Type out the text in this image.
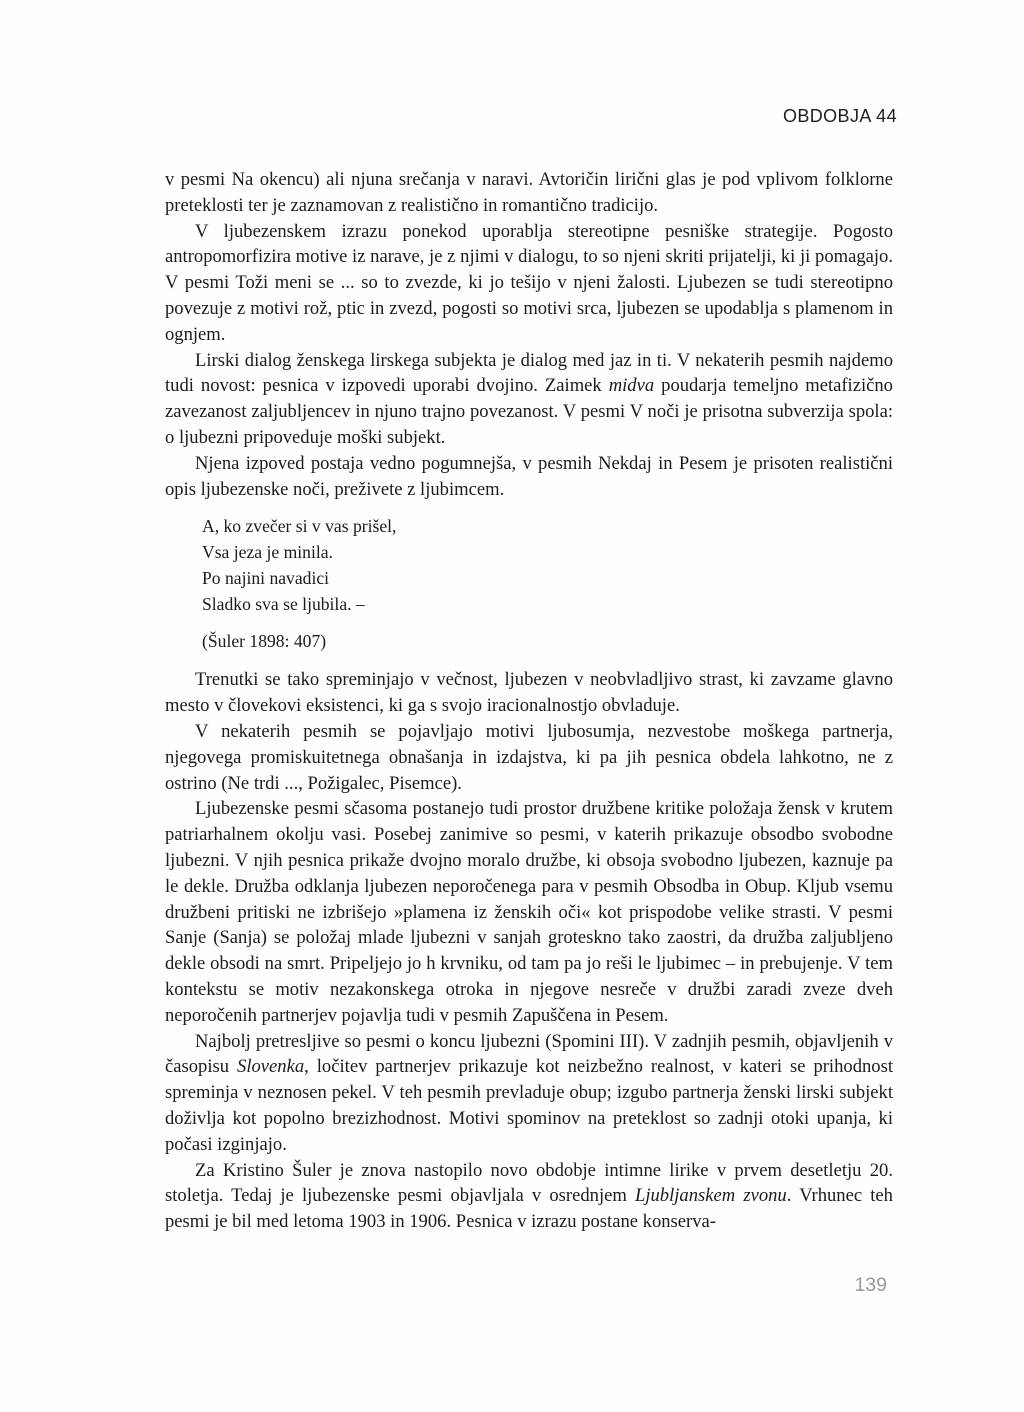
OBDOBJA 44

v pesmi Na okencu) ali njuna srečanja v naravi. Avtoričin lirični glas je pod vplivom folklorne preteklosti ter je zaznamovan z realistično in romantično tradicijo.

V ljubezenskem izrazu ponekod uporablja stereotipne pesniške strategije. Pogosto antropomorfizira motive iz narave, je z njimi v dialogu, to so njeni skriti prijatelji, ki ji pomagajo. V pesmi Toži meni se ... so to zvezde, ki jo tešijo v njeni žalosti. Ljubezen se tudi stereotipno povezuje z motivi rož, ptic in zvezd, pogosti so motivi srca, ljubezen se upodablja s plamenom in ognjem.

Lirski dialog ženskega lirskega subjekta je dialog med jaz in ti. V nekaterih pesmih najdemo tudi novost: pesnica v izpovedi uporabi dvojino. Zaimek midva poudarja temeljno metafizično zavezanost zaljubljencev in njuno trajno povezanost. V pesmi V noči je prisotna subverzija spola: o ljubezni pripoveduje moški subjekt.

Njena izpoved postaja vedno pogumnejša, v pesmih Nekdaj in Pesem je prisoten realistični opis ljubezenske noči, preživete z ljubimcem.

A, ko zvečer si v vas prišel,
Vsa jeza je minila.
Po najini navadici
Sladko sva se ljubila. –
(Šuler 1898: 407)

Trenutki se tako spreminjajo v večnost, ljubezen v neobvladljivo strast, ki zavzame glavno mesto v človekovi eksistenci, ki ga s svojo iracionalnostjo obvladuje.

V nekaterih pesmih se pojavljajo motivi ljubosumja, nezvestobe moškega partnerja, njegovega promiskuitetnega obnašanja in izdajstva, ki pa jih pesnica obdela lahkotno, ne z ostrino (Ne trdi ..., Požigalec, Pisemce).

Ljubezenske pesmi sčasoma postanejo tudi prostor družbene kritike položaja žensk v krutem patriarhalnem okolju vasi. Posebej zanimive so pesmi, v katerih prikazuje obsodbo svobodne ljubezni. V njih pesnica prikaže dvojno moralo družbe, ki obsoja svobodno ljubezen, kaznuje pa le dekle. Družba odklanja ljubezen neporočenega para v pesmih Obsodba in Obup. Kljub vsemu družbeni pritiski ne izbrišejo »plamena iz ženskih oči« kot prispodobe velike strasti. V pesmi Sanje (Sanja) se položaj mlade ljubezni v sanjah groteskno tako zaostri, da družba zaljubljeno dekle obsodi na smrt. Pripeljejo jo h krvniku, od tam pa jo reši le ljubimec – in prebujenje. V tem kontekstu se motiv nezakonskega otroka in njegove nesreče v družbi zaradi zveze dveh neporočenih partnerjev pojavlja tudi v pesmih Zapuščena in Pesem.

Najbolj pretresljive so pesmi o koncu ljubezni (Spomini III). V zadnjih pesmih, objavljenih v časopisu Slovenka, ločitev partnerjev prikazuje kot neizbežno realnost, v kateri se prihodnost spreminja v neznosen pekel. V teh pesmih prevladuje obup; izgubo partnerja ženski lirski subjekt doživlja kot popolno brezizhodnost. Motivi spominov na preteklost so zadnji otoki upanja, ki počasi izginjajo.

Za Kristino Šuler je znova nastopilo novo obdobje intimne lirike v prvem desetletju 20. stoletja. Tedaj je ljubezenske pesmi objavljala v osrednjem Ljubljanskem zvonu. Vrhunec teh pesmi je bil med letoma 1903 in 1906. Pesnica v izrazu postane konserva-

139
